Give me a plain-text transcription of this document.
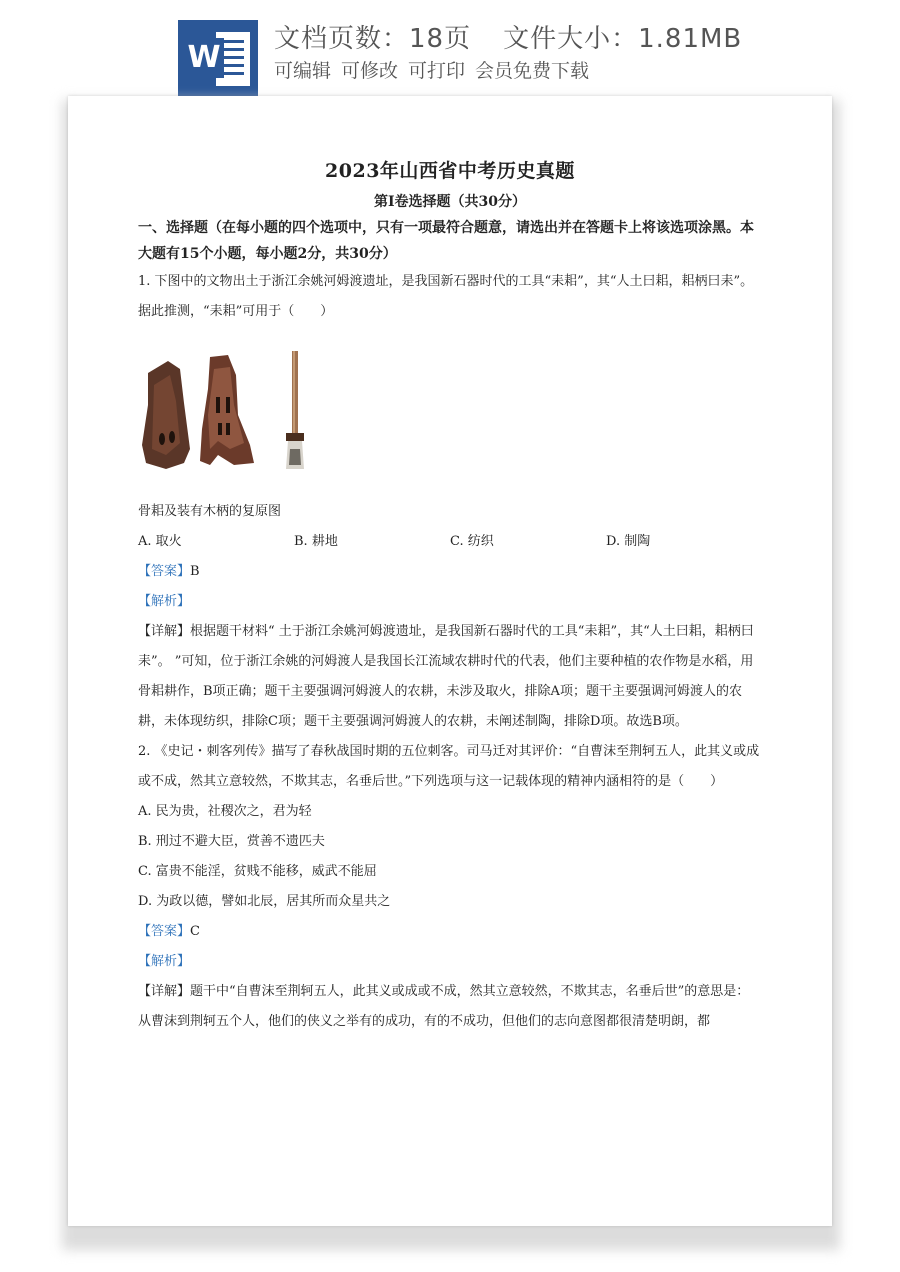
W
文档页数：18页 文件大小：1.81MB
可编辑 可修改 可打印 会员免费下载

2023年山西省中考历史真题

第I卷选择题（共30分）

一、选择题（在每小题的四个选项中，只有一项最符合题意，请选出并在答题卡上将该选项涂黑。本大题有15个小题，每小题2分，共30分）

1. 下图中的文物出土于浙江余姚河姆渡遗址，是我国新石器时代的工具“耒耜”，其“人土曰耜，耜柄曰耒”。据此推测，“耒耜”可用于（　　）

骨耜及装有木柄的复原图

A. 取火	B. 耕地	C. 纺织	D. 制陶

【答案】B

【解析】

【详解】根据题干材料“ 土于浙江余姚河姆渡遗址，是我国新石器时代的工具“耒耜”，其“人土曰耜，耜柄曰耒”。 ”可知，位于浙江余姚的河姆渡人是我国长江流域农耕时代的代表，他们主要种植的农作物是水稻，用骨耜耕作，B项正确；题干主要强调河姆渡人的农耕，未涉及取火，排除A项；题干主要强调河姆渡人的农耕，未体现纺织，排除C项；题干主要强调河姆渡人的农耕，未阐述制陶，排除D项。故选B项。

2. 《史记・刺客列传》描写了春秋战国时期的五位刺客。司马迁对其评价：“自曹沫至荆轲五人，此其义或成或不成，然其立意较然，不欺其志，名垂后世。”下列选项与这一记载体现的精神内涵相符的是（　　）

A. 民为贵，社稷次之，君为轻

B. 刑过不避大臣，赏善不遗匹夫

C. 富贵不能淫，贫贱不能移，威武不能屈

D. 为政以德，譬如北辰，居其所而众星共之

【答案】C

【解析】

【详解】题干中“自曹沫至荆轲五人，此其义或成或不成，然其立意较然，不欺其志，名垂后世”的意思是：从曹沫到荆轲五个人，他们的侠义之举有的成功，有的不成功，但他们的志向意图都很清楚明朗，都
